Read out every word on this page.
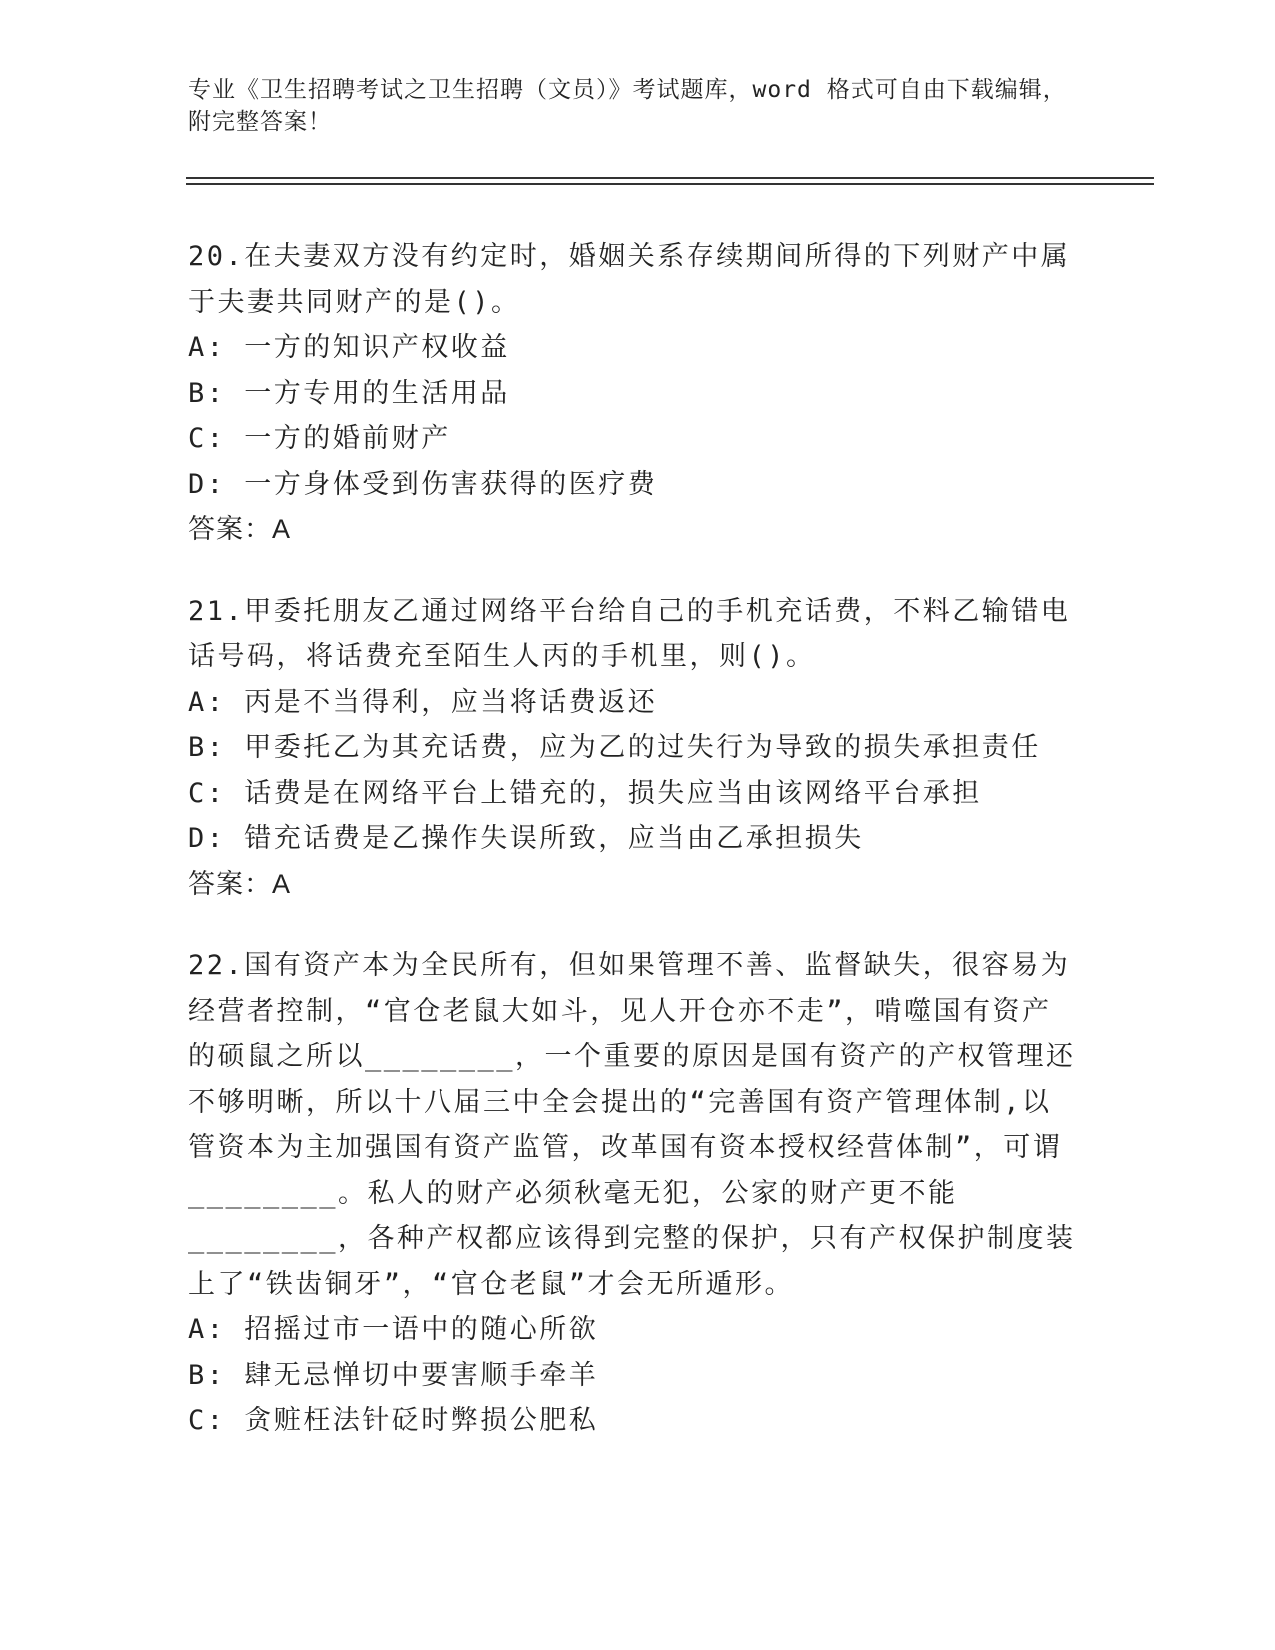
专业《卫生招聘考试之卫生招聘（文员）》考试题库，word 格式可自由下载编辑，附完整答案！

20.在夫妻双方没有约定时，婚姻关系存续期间所得的下列财产中属于夫妻共同财产的是()。

A: 一方的知识产权收益

B: 一方专用的生活用品

C: 一方的婚前财产

D: 一方身体受到伤害获得的医疗费

答案：A

21.甲委托朋友乙通过网络平台给自己的手机充话费，不料乙输错电话号码，将话费充至陌生人丙的手机里，则()。

A: 丙是不当得利，应当将话费返还

B: 甲委托乙为其充话费，应为乙的过失行为导致的损失承担责任

C: 话费是在网络平台上错充的，损失应当由该网络平台承担

D: 错充话费是乙操作失误所致，应当由乙承担损失

答案：A

22.国有资产本为全民所有，但如果管理不善、监督缺失，很容易为经营者控制，“官仓老鼠大如斗，见人开仓亦不走”，啃噬国有资产的硕鼠之所以________，一个重要的原因是国有资产的产权管理还不够明晰，所以十八届三中全会提出的“完善国有资产管理体制,以管资本为主加强国有资产监管，改革国有资本授权经营体制”，可谓________。私人的财产必须秋毫无犯，公家的财产更不能________，各种产权都应该得到完整的保护，只有产权保护制度装上了“铁齿铜牙”，“官仓老鼠”才会无所遁形。

A: 招摇过市一语中的随心所欲

B: 肆无忌惮切中要害顺手牵羊

C: 贪赃枉法针砭时弊损公肥私
